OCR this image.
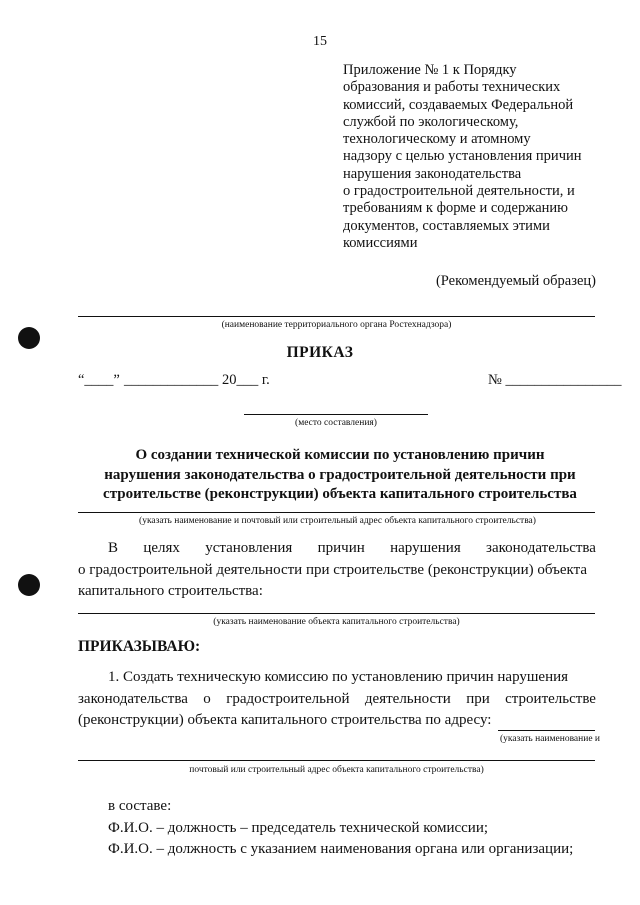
15
Приложение № 1 к Порядку
образования и работы технических
комиссий, создаваемых Федеральной
службой по экологическому,
технологическому и атомному
надзору с целью установления причин
нарушения законодательства
о градостроительной деятельности, и
требованиям к форме и содержанию
документов, составляемых этими
комиссиями
(Рекомендуемый образец)
(наименование территориального органа Ростехнадзора)
ПРИКАЗ
“____” _____________ 20___ г.	№ ________________
(место составления)
О создании технической комиссии по установлению причин
нарушения законодательства о градостроительной деятельности при
строительстве (реконструкции) объекта капитального строительства
(указать наименование и почтовый или строительный адрес объекта капитального строительства)
В целях установления причин нарушения законодательства
о градостроительной деятельности при строительстве (реконструкции) объекта
капитального строительства:
(указать наименование объекта капитального строительства)
ПРИКАЗЫВАЮ:
1. Создать техническую комиссию по установлению причин нарушения
законодательства о градостроительной деятельности при строительстве
(реконструкции) объекта капитального строительства по адресу:
(указать наименование и
почтовый или строительный адрес объекта капитального строительства)
в составе:
Ф.И.О. – должность – председатель технической комиссии;
Ф.И.О. – должность с указанием наименования органа или организации;
